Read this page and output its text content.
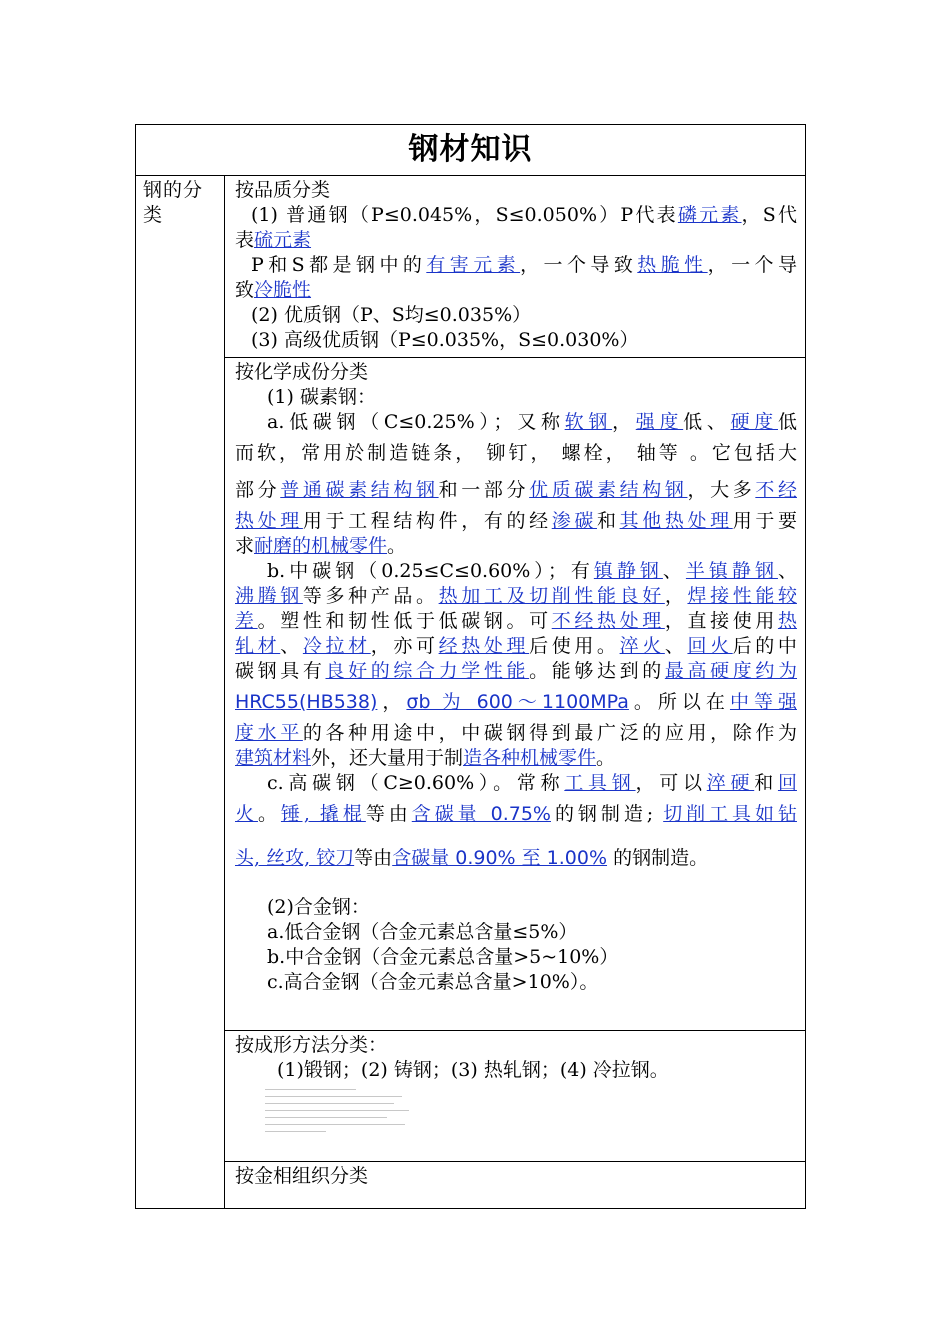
钢材知识

钢的分类

按品质分类
(1) 普通钢（P≤0.045%，S≤0.050%）P代表磷元素，S代
表硫元素
P和S都是钢中的有害元素，一个导致热脆性，一个导
致冷脆性
(2) 优质钢（P、S均≤0.035%）
(3) 高级优质钢（P≤0.035%，S≤0.030%）

按化学成份分类
(1) 碳素钢：
a.低碳钢（C≤0.25%）；又称软钢，强度低、硬度低
而软，常用於制造链条， 铆钉， 螺栓， 轴等 。它包括大
部分普通碳素结构钢和一部分优质碳素结构钢，大多不经
热处理用于工程结构件，有的经渗碳和其他热处理用于要
求耐磨的机械零件。
b.中碳钢（0.25≤C≤0.60%）；有镇静钢、半镇静钢、
沸腾钢等多种产品。热加工及切削性能良好，焊接性能较
差。塑性和韧性低于低碳钢。可不经热处理，直接使用热
轧材、冷拉材，亦可经热处理后使用。淬火、回火后的中
碳钢具有良好的综合力学性能。能够达到的最高硬度约为
HRC55(HB538)，σb 为 600～1100MPa。所以在中等强
度水平的各种用途中，中碳钢得到最广泛的应用，除作为
建筑材料外，还大量用于制造各种机械零件。
c.高碳钢（C≥0.60%）。常称工具钢，可以淬硬和回
火。锤, 撬棍等由含碳量 0.75%的钢制造; 切削工具如钻
头, 丝攻, 铰刀等由含碳量 0.90% 至 1.00% 的钢制造。
(2)合金钢：
a.低合金钢（合金元素总含量≤5%）
b.中合金钢（合金元素总含量>5~10%）
c.高合金钢（合金元素总含量>10%）。

按成形方法分类：
(1)锻钢；(2) 铸钢；(3) 热轧钢；(4) 冷拉钢。

按金相组织分类
